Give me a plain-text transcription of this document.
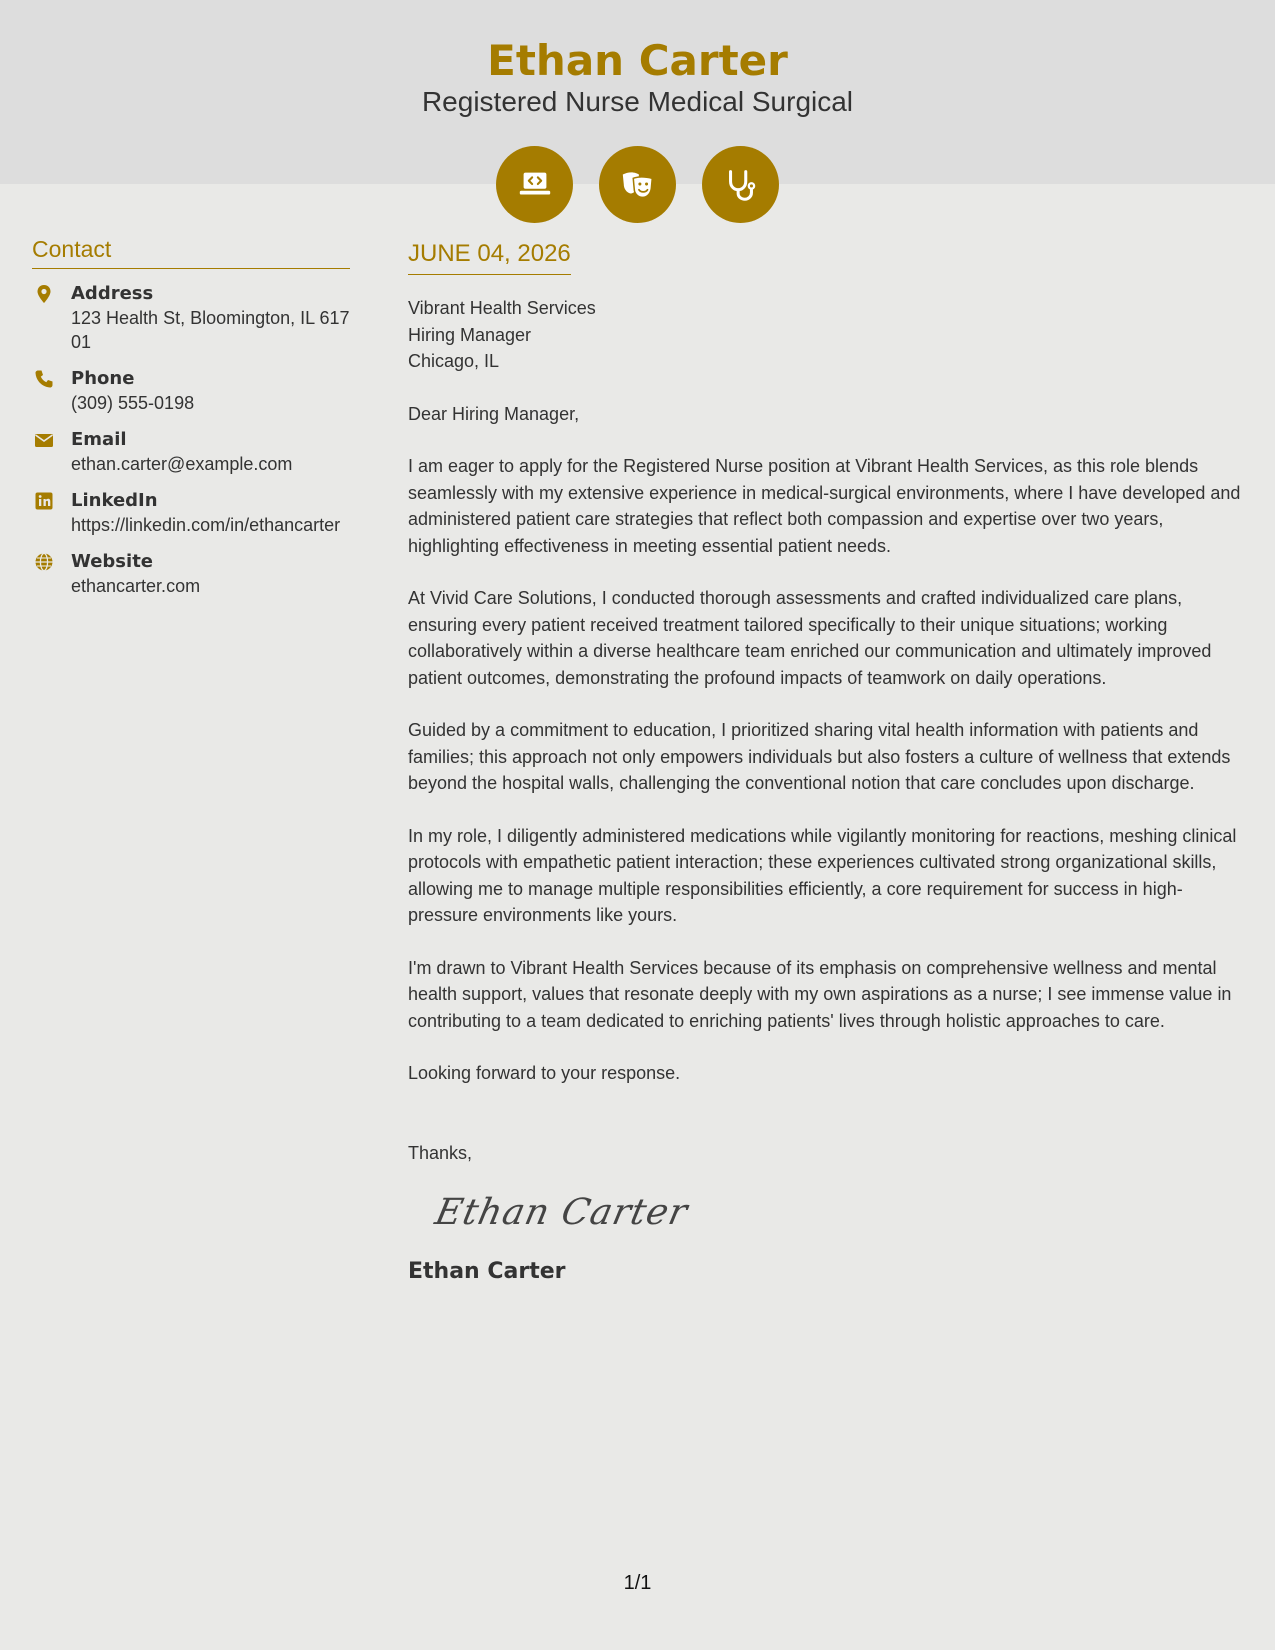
Ethan Carter
Registered Nurse Medical Surgical
Contact
Address
123 Health St, Bloomington, IL 61701
Phone
(309) 555-0198
Email
ethan.carter@example.com
LinkedIn
https://linkedin.com/in/ethancarter
Website
ethancarter.com
JUNE 04, 2026
Vibrant Health Services
Hiring Manager
Chicago, IL
Dear Hiring Manager,
I am eager to apply for the Registered Nurse position at Vibrant Health Services, as this role blends seamlessly with my extensive experience in medical-surgical environments, where I have developed and administered patient care strategies that reflect both compassion and expertise over two years, highlighting effectiveness in meeting essential patient needs.
At Vivid Care Solutions, I conducted thorough assessments and crafted individualized care plans, ensuring every patient received treatment tailored specifically to their unique situations; working collaboratively within a diverse healthcare team enriched our communication and ultimately improved patient outcomes, demonstrating the profound impacts of teamwork on daily operations.
Guided by a commitment to education, I prioritized sharing vital health information with patients and families; this approach not only empowers individuals but also fosters a culture of wellness that extends beyond the hospital walls, challenging the conventional notion that care concludes upon discharge.
In my role, I diligently administered medications while vigilantly monitoring for reactions, meshing clinical protocols with empathetic patient interaction; these experiences cultivated strong organizational skills, allowing me to manage multiple responsibilities efficiently, a core requirement for success in high-pressure environments like yours.
I'm drawn to Vibrant Health Services because of its emphasis on comprehensive wellness and mental health support, values that resonate deeply with my own aspirations as a nurse; I see immense value in contributing to a team dedicated to enriching patients' lives through holistic approaches to care.
Looking forward to your response.
Thanks,
Ethan Carter
Ethan Carter
1/1
